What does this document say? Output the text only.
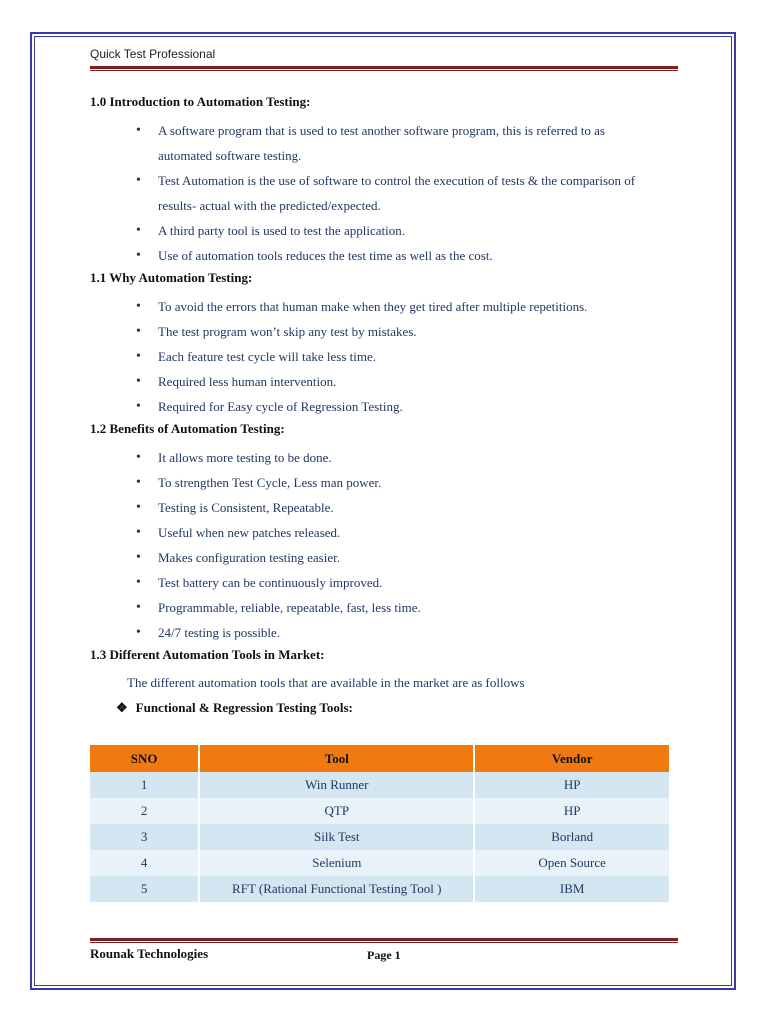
Quick Test Professional
1.0 Introduction to Automation Testing:
• A software program that is used to test another software program, this is referred to as
automated software testing.
• Test Automation is the use of software to control the execution of tests & the comparison of
results- actual with the predicted/expected.
• A third party tool is used to test the application.
• Use of automation tools reduces the test time as well as the cost.
1.1 Why Automation Testing:
• To avoid the errors that human make when they get tired after multiple repetitions.
• The test program won’t skip any test by mistakes.
• Each feature test cycle will take less time.
• Required less human intervention.
• Required for Easy cycle of Regression Testing.
1.2 Benefits of Automation Testing:
• It allows more testing to be done.
• To strengthen Test Cycle, Less man power.
• Testing is Consistent, Repeatable.
• Useful when new patches released.
• Makes configuration testing easier.
• Test battery can be continuously improved.
• Programmable, reliable, repeatable, fast, less time.
• 24/7 testing is possible.
1.3 Different Automation Tools in Market:
The different automation tools that are available in the market are as follows
❖ Functional & Regression Testing Tools:
SNO	Tool	Vendor
1	Win Runner	HP
2	QTP	HP
3	Silk Test	Borland
4	Selenium	Open Source
5	RFT (Rational Functional Testing Tool )	IBM
Rounak Technologies	Page 1
